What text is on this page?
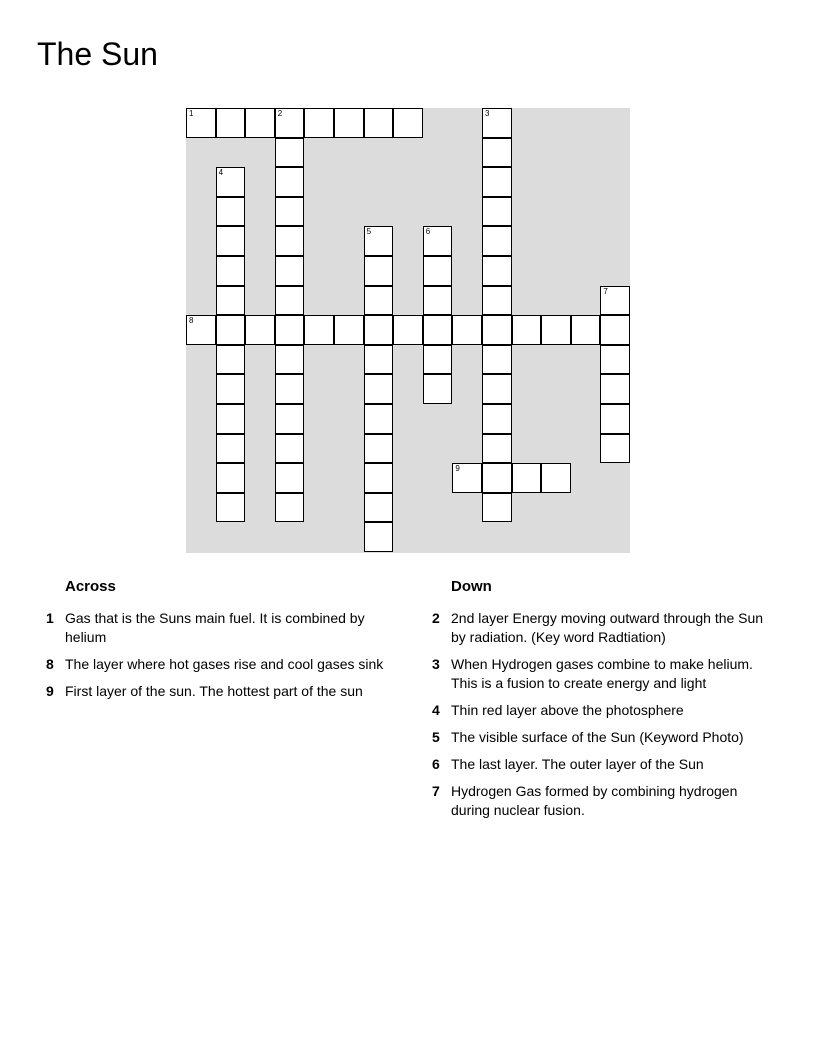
The Sun
1	2	3
4
5	6
7
8
9
Across
1 Gas that is the Suns main fuel. It is combined by helium
8 The layer where hot gases rise and cool gases sink
9 First layer of the sun. The hottest part of the sun
Down
2 2nd layer Energy moving outward through the Sun by radiation. (Key word Radtiation)
3 When Hydrogen gases combine to make helium. This is a fusion to create energy and light
4 Thin red layer above the photosphere
5 The visible surface of the Sun (Keyword Photo)
6 The last layer. The outer layer of the Sun
7 Hydrogen Gas formed by combining hydrogen during nuclear fusion.
